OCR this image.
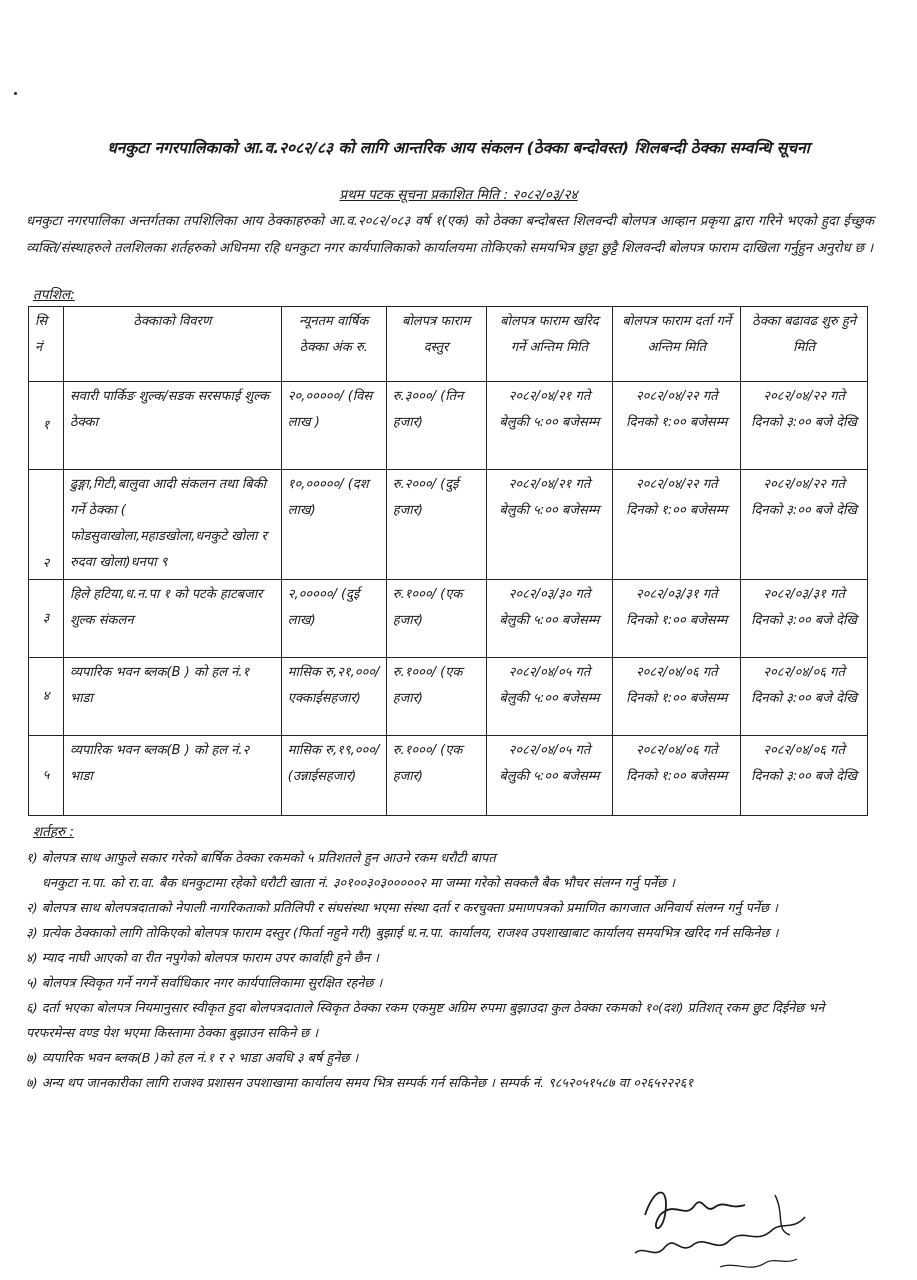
धनकुटा नगरपालिकाको आ.व.२०८२/८३ को लागि आन्तरिक आय संकलन (ठेक्का बन्दोवस्त) शिलबन्दी ठेक्का सम्वन्धि सूचना
प्रथम पटक सूचना प्रकाशित मिति : २०८२/०३/२४
धनकुटा नगरपालिका अन्तर्गतका तपशिलिका आय ठेक्काहरुको आ.व.२०८२/०८३ वर्ष १(एक) को ठेक्का बन्दोबस्त शिलवन्दी बोलपत्र आव्हान प्रकृया द्वारा गरिने भएको हुदा ईच्छुक व्यक्ति/संस्थाहरुले तलशिलका शर्तहरुको अधिनमा रहि धनकुटा नगर कार्यपालिकाको कार्यालयमा तोकिएको समयभित्र छुट्टा छुट्टै शिलवन्दी बोलपत्र फाराम दाखिला गर्नुहुन अनुरोध छ ।
तपशिल:
सि नं	ठेक्काको विवरण	न्यूनतम वार्षिक ठेक्का अंक रु.	बोलपत्र फाराम दस्तुर	बोलपत्र फाराम खरिद गर्ने अन्तिम मिति	बोलपत्र फाराम दर्ता गर्ने अन्तिम मिति	ठेक्का बढावढ शुरु हुने मिति
१	सवारी पार्किङ शुल्क/सडक सरसफाई शुल्क ठेक्का	२०,०००००/ (विस लाख )	रु.३०००/ (तिन हजार)	२०८२/०४/२१ गते बेलुकी ५:०० बजेसम्म	२०८२/०४/२२ गते दिनको १:०० बजेसम्म	२०८२/०४/२२ गते दिनको ३:०० बजे देखि
२	ढुङ्गा,गिटी,बालुवा आदी संकलन तथा बिकी गर्ने ठेक्का ( फोडसुवाखोला,महाडखोला,धनकुटे खोला र रुदवा खोला)धनपा ९	१०,०००००/ (दश लाख)	रु.२०००/ (दुई हजार)	२०८२/०४/२१ गते बेलुकी ५:०० बजेसम्म	२०८२/०४/२२ गते दिनको १:०० बजेसम्म	२०८२/०४/२२ गते दिनको ३:०० बजे देखि
३	हिले हटिया,ध.न.पा १ को पटके हाटबजार शुल्क संकलन	२,०००००/ (दुई लाख)	रु.१०००/ (एक हजार)	२०८२/०३/३० गते बेलुकी ५:०० बजेसम्म	२०८२/०३/३१ गते दिनको १:०० बजेसम्म	२०८२/०३/३१ गते दिनको ३:०० बजे देखि
४	व्यपारिक भवन ब्लक(B ) को हल नं.१ भाडा	मासिक रु,२१,०००/ एक्काईसहजार)	रु.१०००/ (एक हजार)	२०८२/०४/०५ गते बेलुकी ५:०० बजेसम्म	२०८२/०४/०६ गते दिनको १:०० बजेसम्म	२०८२/०४/०६ गते दिनको ३:०० बजे देखि
५	व्यपारिक भवन ब्लक(B ) को हल नं.२ भाडा	मासिक रु,१९,०००/ (उन्नाईसहजार)	रु.१०००/ (एक हजार)	२०८२/०४/०५ गते बेलुकी ५:०० बजेसम्म	२०८२/०४/०६ गते दिनको १:०० बजेसम्म	२०८२/०४/०६ गते दिनको ३:०० बजे देखि
शर्तहरु :
१) बोलपत्र साथ आफुले सकार गरेको बार्षिक ठेक्का रकमको ५ प्रतिशतले हुन आउने रकम धरौटी बापत
धनकुटा न.पा. को रा.वा. बैक धनकुटामा रहेको धरौटी खाता नं. ३०१००३०३०००००२ मा जम्मा गरेको सक्कलै बैक भौचर संलग्न गर्नु पर्नेछ ।
२) बोलपत्र साथ बोलपत्रदाताको नेपाली नागरिकताको प्रतिलिपी र संघसंस्था भएमा संस्था दर्ता र करचुक्ता प्रमाणपत्रको प्रमाणित कागजात अनिवार्य संलग्न गर्नु पर्नेछ ।
३) प्रत्येक ठेक्काको लागि तोकिएको बोलपत्र फाराम दस्तुर (फिर्ता नहुने गरी) बुझाई ध.न.पा. कार्यालय, राजश्व उपशाखाबाट कार्यालय समयभित्र खरिद गर्न सकिनेछ ।
४) म्याद नाघी आएको वा रीत नपुगेको बोलपत्र फाराम उपर कार्वाही हुने छैन ।
५) बोलपत्र स्विकृत गर्ने नगर्ने सर्वाधिकार नगर कार्यपालिकामा सुरक्षित रहनेछ ।
६) दर्ता भएका बोलपत्र नियमानुसार स्वीकृत हुदा बोलपत्रदाताले स्विकृत ठेक्का रकम एकमुष्ट अग्रिम रुपमा बुझाउदा कुल ठेक्का रकमको १०(दश) प्रतिशत् रकम छुट दिईनेछ भने परफरमेन्स वण्ड पेश भएमा किस्तामा ठेक्का बुझाउन सकिने छ ।
७) व्यपारिक भवन ब्लक(B )को हल नं.१ र २ भाडा अवधि ३ बर्ष हुनेछ ।
७) अन्य थप जानकारीका लागि राजश्व प्रशासन उपशाखामा कार्यालय समय भित्र सम्पर्क गर्न सकिनेछ । सम्पर्क नं. ९८५२०५१५८७ वा ०२६५२२२६१
